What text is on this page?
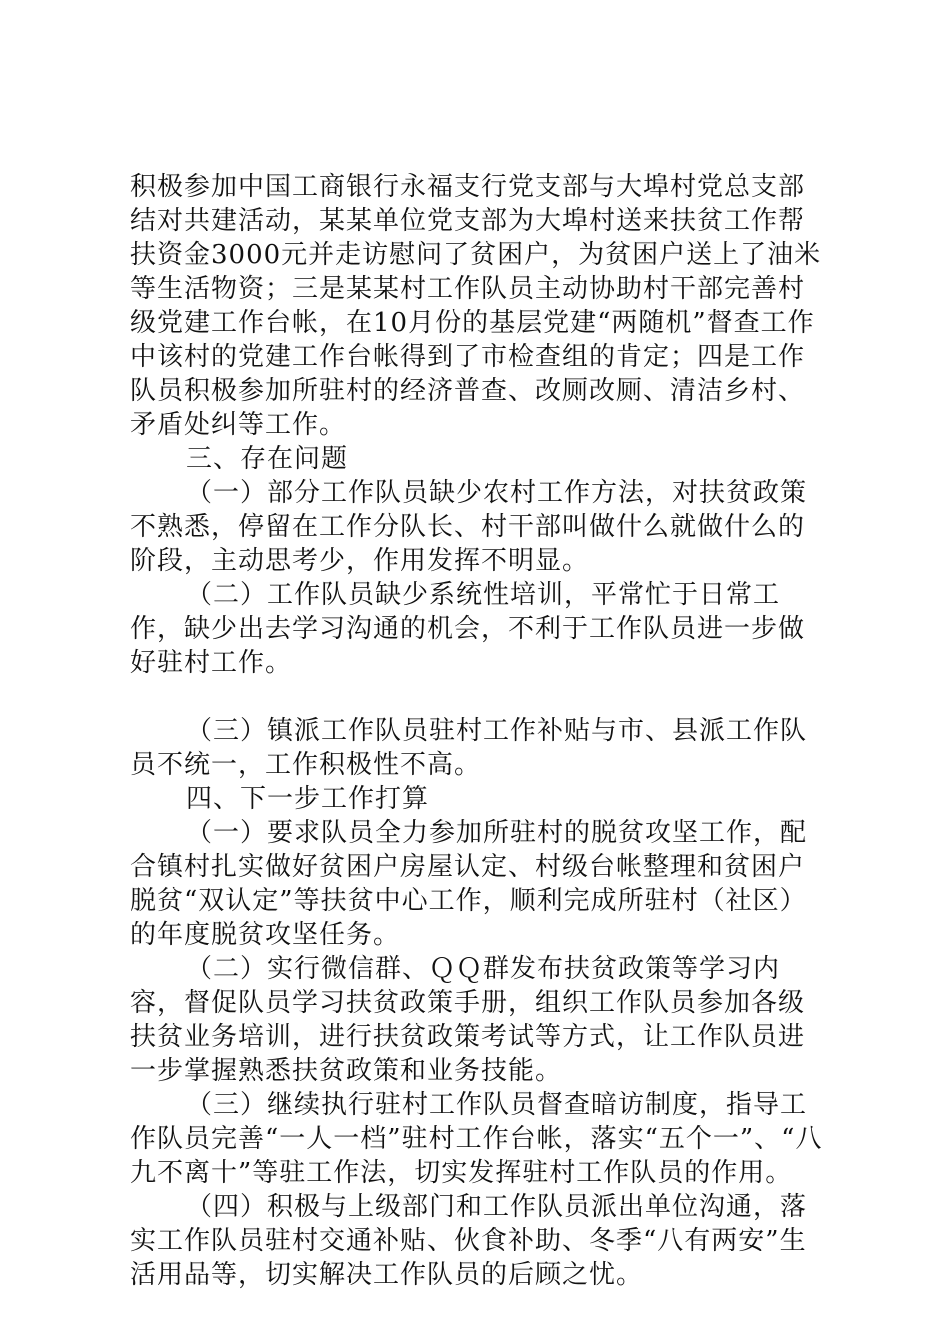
积极参加中国工商银行永福支行党支部与大埠村党总支部结对共建活动，某某单位党支部为大埠村送来扶贫工作帮扶资金3000元并走访慰问了贫困户，为贫困户送上了油米等生活物资；三是某某村工作队员主动协助村干部完善村级党建工作台帐，在10月份的基层党建“两随机”督查工作中该村的党建工作台帐得到了市检查组的肯定；四是工作队员积极参加所驻村的经济普查、改厕改厕、清洁乡村、矛盾处纠等工作。

三、存在问题

（一）部分工作队员缺少农村工作方法，对扶贫政策不熟悉，停留在工作分队长、村干部叫做什么就做什么的阶段，主动思考少，作用发挥不明显。

（二）工作队员缺少系统性培训，平常忙于日常工作，缺少出去学习沟通的机会，不利于工作队员进一步做好驻村工作。

（三）镇派工作队员驻村工作补贴与市、县派工作队员不统一，工作积极性不高。

四、下一步工作打算

（一）要求队员全力参加所驻村的脱贫攻坚工作，配合镇村扎实做好贫困户房屋认定、村级台帐整理和贫困户脱贫“双认定”等扶贫中心工作，顺利完成所驻村（社区）的年度脱贫攻坚任务。

（二）实行微信群、ＱＱ群发布扶贫政策等学习内容，督促队员学习扶贫政策手册，组织工作队员参加各级扶贫业务培训，进行扶贫政策考试等方式，让工作队员进一步掌握熟悉扶贫政策和业务技能。

（三）继续执行驻村工作队员督查暗访制度，指导工作队员完善“一人一档”驻村工作台帐，落实“五个一”、“八九不离十”等驻工作法，切实发挥驻村工作队员的作用。

（四）积极与上级部门和工作队员派出单位沟通，落实工作队员驻村交通补贴、伙食补助、冬季“八有两安”生活用品等，切实解决工作队员的后顾之忧。
